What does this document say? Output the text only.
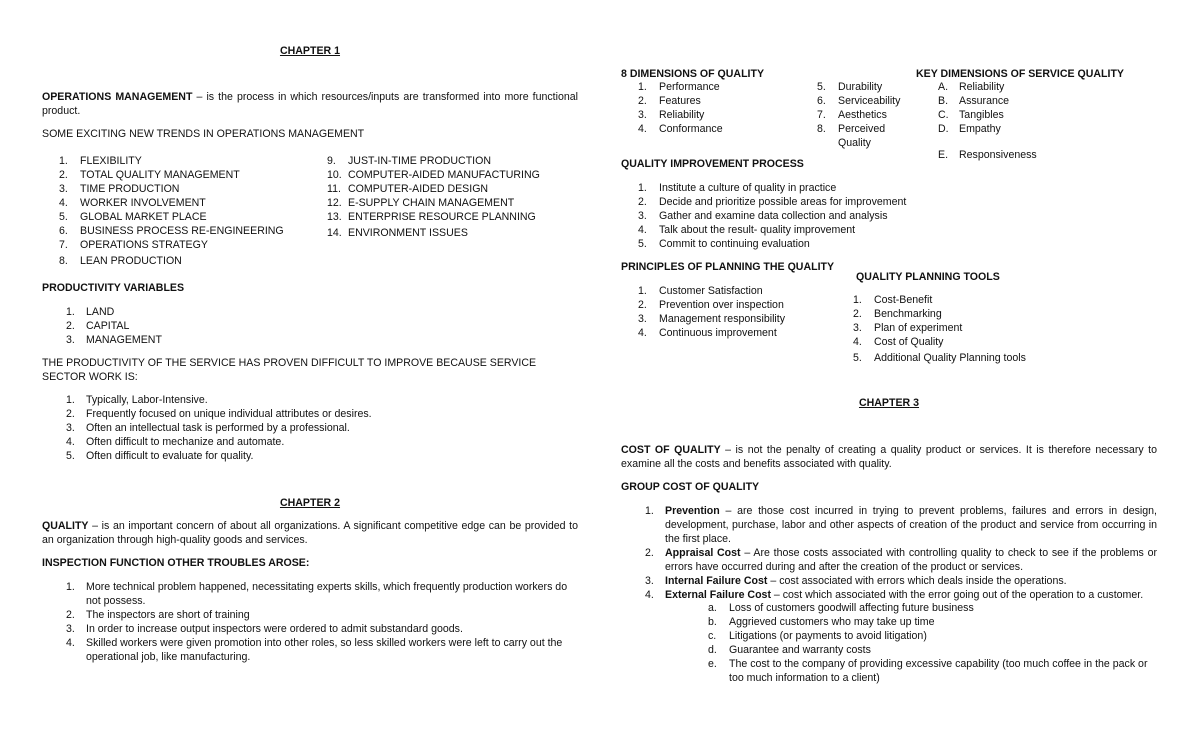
CHAPTER 1

OPERATIONS MANAGEMENT – is the process in which resources/inputs are transformed into more functional product.

SOME EXCITING NEW TRENDS IN OPERATIONS MANAGEMENT

1.	FLEXIBILITY
2.	TOTAL QUALITY MANAGEMENT
3.	TIME PRODUCTION
4.	WORKER INVOLVEMENT
5.	GLOBAL MARKET PLACE
6.	BUSINESS PROCESS RE-ENGINEERING
7.	OPERATIONS STRATEGY
8.	LEAN PRODUCTION
9.	JUST-IN-TIME PRODUCTION
10. COMPUTER-AIDED MANUFACTURING
11. COMPUTER-AIDED DESIGN
12. E-SUPPLY CHAIN MANAGEMENT
13. ENTERPRISE RESOURCE PLANNING
14. ENVIRONMENT ISSUES

PRODUCTIVITY VARIABLES

1.	LAND
2.	CAPITAL
3.	MANAGEMENT

THE PRODUCTIVITY OF THE SERVICE HAS PROVEN DIFFICULT TO IMPROVE BECAUSE SERVICE SECTOR WORK IS:

1.	Typically, Labor-Intensive.
2.	Frequently focused on unique individual attributes or desires.
3.	Often an intellectual task is performed by a professional.
4.	Often difficult to mechanize and automate.
5.	Often difficult to evaluate for quality.
CHAPTER 2

QUALITY – is an important concern of about all organizations. A significant competitive edge can be provided to an organization through high-quality goods and services.

INSPECTION FUNCTION OTHER TROUBLES AROSE:

1.	More technical problem happened, necessitating experts skills, which frequently production workers do not possess.
2.	The inspectors are short of training
3.	In order to increase output inspectors were ordered to admit substandard goods.
4.	Skilled workers were given promotion into other roles, so less skilled workers were left to carry out the operational job, like manufacturing.

8 DIMENSIONS OF QUALITY

1.	Performance
2.	Features
3.	Reliability
4.	Conformance
5.	Durability
6.	Serviceability
7.	Aesthetics
8.	Perceived Quality

KEY DIMENSIONS OF SERVICE QUALITY

A.	Reliability
B.	Assurance
C. Tangibles
D. Empathy
E.	Responsiveness

QUALITY IMPROVEMENT PROCESS

1.	Institute a culture of quality in practice
2.	Decide and prioritize possible areas for improvement
3.	Gather and examine data collection and analysis
4.	Talk about the result- quality improvement
5.	Commit to continuing evaluation

PRINCIPLES OF PLANNING THE QUALITY

1.	Customer Satisfaction
2.	Prevention over inspection
3.	Management responsibility
4.	Continuous improvement

QUALITY PLANNING TOOLS

1.	Cost-Benefit
2.	Benchmarking
3.	Plan of experiment
4.	Cost of Quality
5.	Additional Quality Planning tools
CHAPTER 3

COST OF QUALITY – is not the penalty of creating a quality product or services. It is therefore necessary to examine all the costs and benefits associated with quality.

GROUP COST OF QUALITY

1.	Prevention – are those cost incurred in trying to prevent problems, failures and errors in design, development, purchase, labor and other aspects of creation of the product and service from occurring in the first place.
2.	Appraisal Cost – Are those costs associated with controlling quality to check to see if the problems or errors have occurred during and after the creation of the product or services.
3.	Internal Failure Cost – cost associated with errors which deals inside the operations.
4.	External Failure Cost – cost which associated with the error going out of the operation to a customer.
a.	Loss of customers goodwill affecting future business
b.	Aggrieved customers who may take up time
c.	Litigations (or payments to avoid litigation)
d.	Guarantee and warranty costs
e.	The cost to the company of providing excessive capability (too much coffee in the pack or too much information to a client)
